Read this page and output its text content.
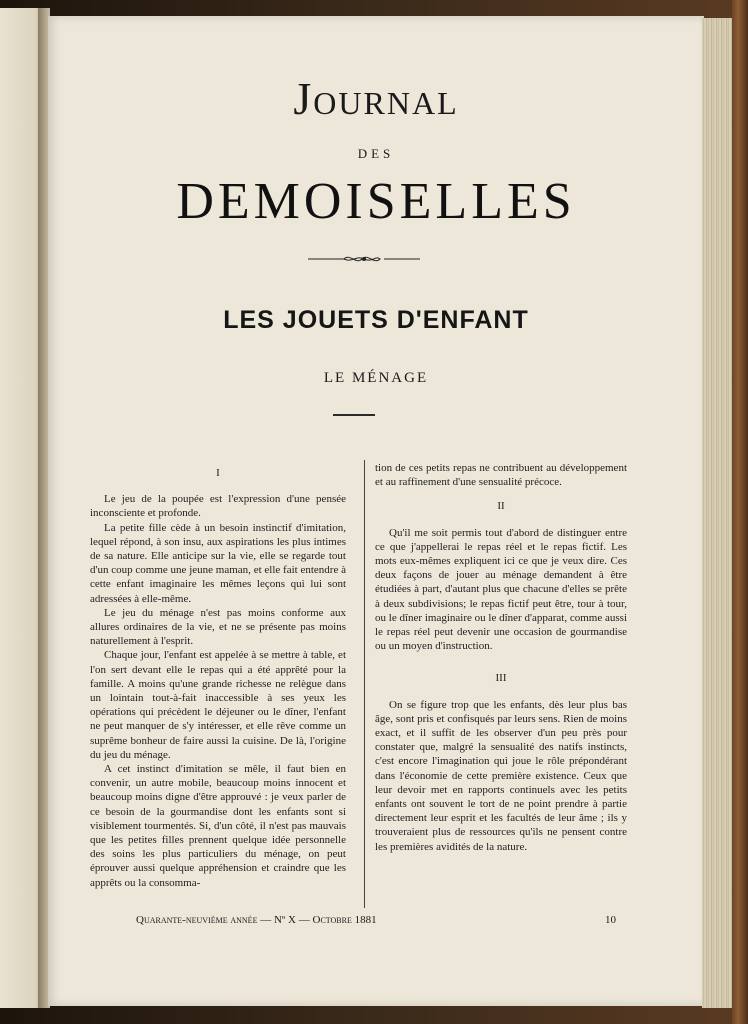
JOURNAL
DES
DEMOISELLES
LES JOUETS D'ENFANT
LE MÉNAGE

I

Le jeu de la poupée est l'expression d'une pensée inconsciente et profonde.

La petite fille cède à un besoin instinctif d'imitation, lequel répond, à son insu, aux aspirations les plus intimes de sa nature. Elle anticipe sur la vie, elle se regarde tout d'un coup comme une jeune maman, et elle fait entendre à cette enfant imaginaire les mêmes leçons qui lui sont adressées à elle-même.

Le jeu du ménage n'est pas moins conforme aux allures ordinaires de la vie, et ne se présente pas moins naturellement à l'esprit.

Chaque jour, l'enfant est appelée à se mettre à table, et l'on sert devant elle le repas qui a été apprêté pour la famille. A moins qu'une grande richesse ne relègue dans un lointain tout-à-fait inaccessible à ses yeux les opérations qui précèdent le déjeuner ou le dîner, l'enfant ne peut manquer de s'y intéresser, et elle rêve comme un suprême bonheur de faire aussi la cuisine. De là, l'origine du jeu du ménage.

A cet instinct d'imitation se mêle, il faut bien en convenir, un autre mobile, beaucoup moins innocent et beaucoup moins digne d'être approuvé : je veux parler de ce besoin de la gourmandise dont les enfants sont si visiblement tourmentés. Si, d'un côté, il n'est pas mauvais que les petites filles prennent quelque idée personnelle des soins les plus particuliers du ménage, on peut éprouver aussi quelque appréhension et craindre que les apprêts ou la consomma-

tion de ces petits repas ne contribuent au développement et au raffinement d'une sensualité précoce.

II

Qu'il me soit permis tout d'abord de distinguer entre ce que j'appellerai le repas réel et le repas fictif. Les mots eux-mêmes expliquent ici ce que je veux dire. Ces deux façons de jouer au ménage demandent à être étudiées à part, d'autant plus que chacune d'elles se prête à deux subdivisions; le repas fictif peut être, tour à tour, ou le dîner imaginaire ou le dîner d'apparat, comme aussi le repas réel peut devenir une occasion de gourmandise ou un moyen d'instruction.

III

On se figure trop que les enfants, dès leur plus bas âge, sont pris et confisqués par leurs sens. Rien de moins exact, et il suffit de les observer d'un peu près pour constater que, malgré la sensualité des natifs instincts, c'est encore l'imagination qui joue le rôle prépondérant dans l'économie de cette première existence. Ceux que leur devoir met en rapports continuels avec les petits enfants ont souvent le tort de ne point prendre à partie directement leur esprit et les facultés de leur âme ; ils y trouveraient plus de ressources qu'ils ne pensent contre les premières avidités de la nature.

Quarante-neuvième année — Nº X — Octobre 1881	10
